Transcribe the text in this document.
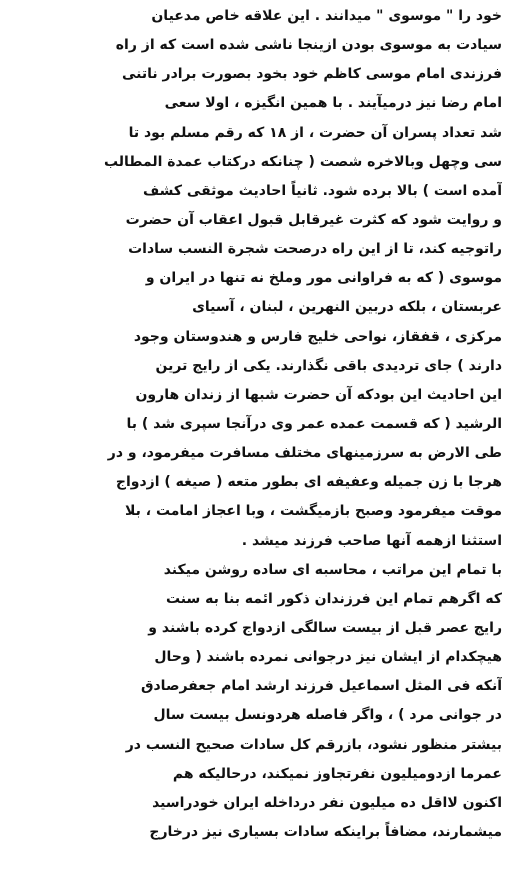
خود را " موسوی " میدانند . این علاقه خاص مدعیان
سیادت به موسوی بودن ازینجا ناشی شده است که از راه
فرزندی امام موسی کاظم خود بخود بصورت برادر ناتنی
امام رضا نیز درمیآیند . با همین انگیزه ، اولا سعی
شد تعداد پسران آن حضرت ، از ۱۸ که رقم مسلم بود تا
سی وچهل وبالاخره شصت ( چنانکه درکتاب عمدة المطالب
آمده است ) بالا برده شود. ثانیاً احادیث موثقی کشف
و روایت شود که کثرت غیرقابل قبول اعقاب آن حضرت
راتوجیه کند، تا از این راه درصحت شجرة النسب سادات
موسوی ( که به فراوانی مور وملخ نه تنها در ایران و
عربستان ، بلکه دربین النهرین ، لبنان ، آسیای
مرکزی ، قفقاز، نواحی خلیج فارس و هندوستان وجود
دارند ) جای تردیدی باقی نگذارند. یکی از رایج ترین
این احادیث این بودکه آن حضرت شبها از زندان هارون
الرشید ( که قسمت عمده عمر وی درآنجا سپری شد ) با
طی الارض به سرزمینهای مختلف مسافرت میفرمود، و در
هرجا با زن جمیله وعفیفه ای بطور متعه ( صیغه ) ازدواج
موقت میفرمود وصبح بازمیگشت ، وبا اعجاز امامت ، بلا
استثنا ازهمه آنها صاحب فرزند میشد .
با تمام این مراتب ، محاسبه ای ساده روشن میکند
که اگرهم تمام این فرزندان ذکور ائمه بنا به سنت
رایج عصر قبل از بیست سالگی ازدواج کرده باشند و
هیچکدام از ایشان نیز درجوانی نمرده باشند ( وحال
آنکه فی المثل اسماعیل فرزند ارشد امام جعفرصادق
در جوانی مرد ) ، واگر فاصله هردونسل بیست سال
بیشتر منظور نشود، بازرقم کل سادات صحیح النسب در
عمرما ازدومیلیون نفرتجاوز نمیکند، درحالیکه هم
اکنون لااقل ده میلیون نفر درداخله ایران خودراسید
میشمارند، مضافاً براینکه سادات بسیاری نیز درخارج
